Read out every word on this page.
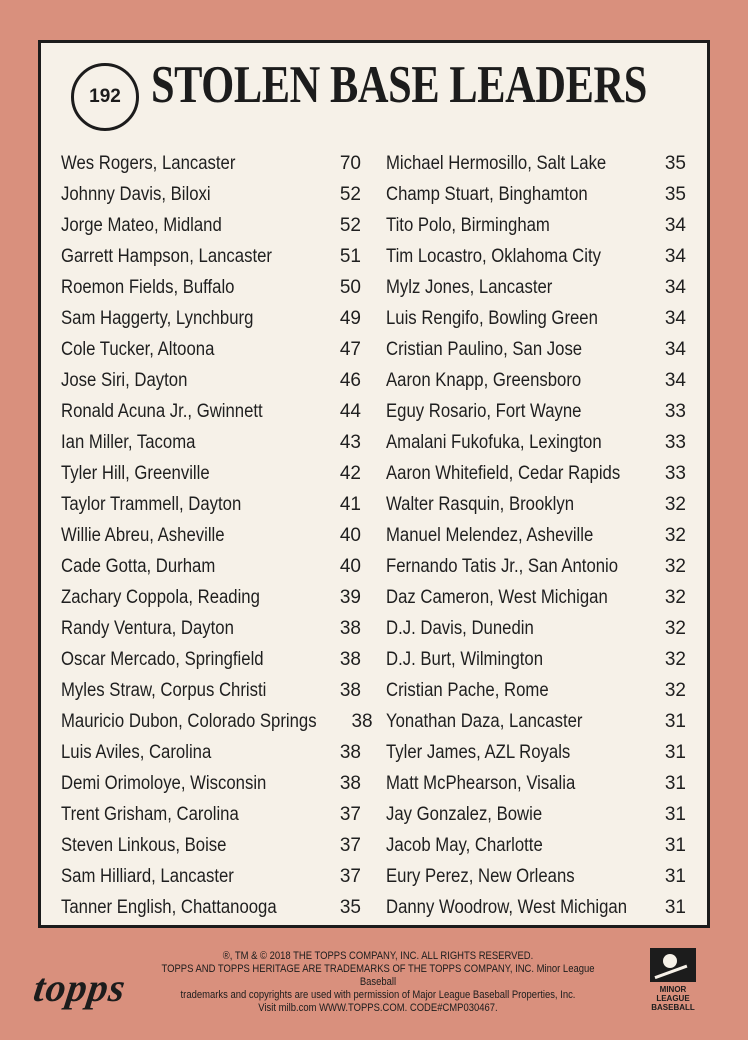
192 STOLEN BASE LEADERS
Wes Rogers, Lancaster	70
Johnny Davis, Biloxi	52
Jorge Mateo, Midland	52
Garrett Hampson, Lancaster	51
Roemon Fields, Buffalo	50
Sam Haggerty, Lynchburg	49
Cole Tucker, Altoona	47
Jose Siri, Dayton	46
Ronald Acuna Jr., Gwinnett	44
Ian Miller, Tacoma	43
Tyler Hill, Greenville	42
Taylor Trammell, Dayton	41
Willie Abreu, Asheville	40
Cade Gotta, Durham	40
Zachary Coppola, Reading	39
Randy Ventura, Dayton	38
Oscar Mercado, Springfield	38
Myles Straw, Corpus Christi	38
Mauricio Dubon, Colorado Springs 38
Luis Aviles, Carolina	38
Demi Orimoloye, Wisconsin	38
Trent Grisham, Carolina	37
Steven Linkous, Boise	37
Sam Hilliard, Lancaster	37
Tanner English, Chattanooga	35
Michael Hermosillo, Salt Lake	35
Champ Stuart, Binghamton	35
Tito Polo, Birmingham	34
Tim Locastro, Oklahoma City	34
Mylz Jones, Lancaster	34
Luis Rengifo, Bowling Green	34
Cristian Paulino, San Jose	34
Aaron Knapp, Greensboro	34
Eguy Rosario, Fort Wayne	33
Amalani Fukofuka, Lexington	33
Aaron Whitefield, Cedar Rapids	33
Walter Rasquin, Brooklyn	32
Manuel Melendez, Asheville	32
Fernando Tatis Jr., San Antonio	32
Daz Cameron, West Michigan	32
D.J. Davis, Dunedin	32
D.J. Burt, Wilmington	32
Cristian Pache, Rome	32
Yonathan Daza, Lancaster	31
Tyler James, AZL Royals	31
Matt McPhearson, Visalia	31
Jay Gonzalez, Bowie	31
Jacob May, Charlotte	31
Eury Perez, New Orleans	31
Danny Woodrow, West Michigan 31
topps
®, TM & © 2018 THE TOPPS COMPANY, INC. ALL RIGHTS RESERVED.
TOPPS AND TOPPS HERITAGE ARE TRADEMARKS OF THE TOPPS COMPANY, INC. Minor League Baseball
trademarks and copyrights are used with permission of Major League Baseball Properties, Inc.
Visit milb.com WWW.TOPPS.COM. CODE#CMP030467.
MINOR LEAGUE
BASEBALL
